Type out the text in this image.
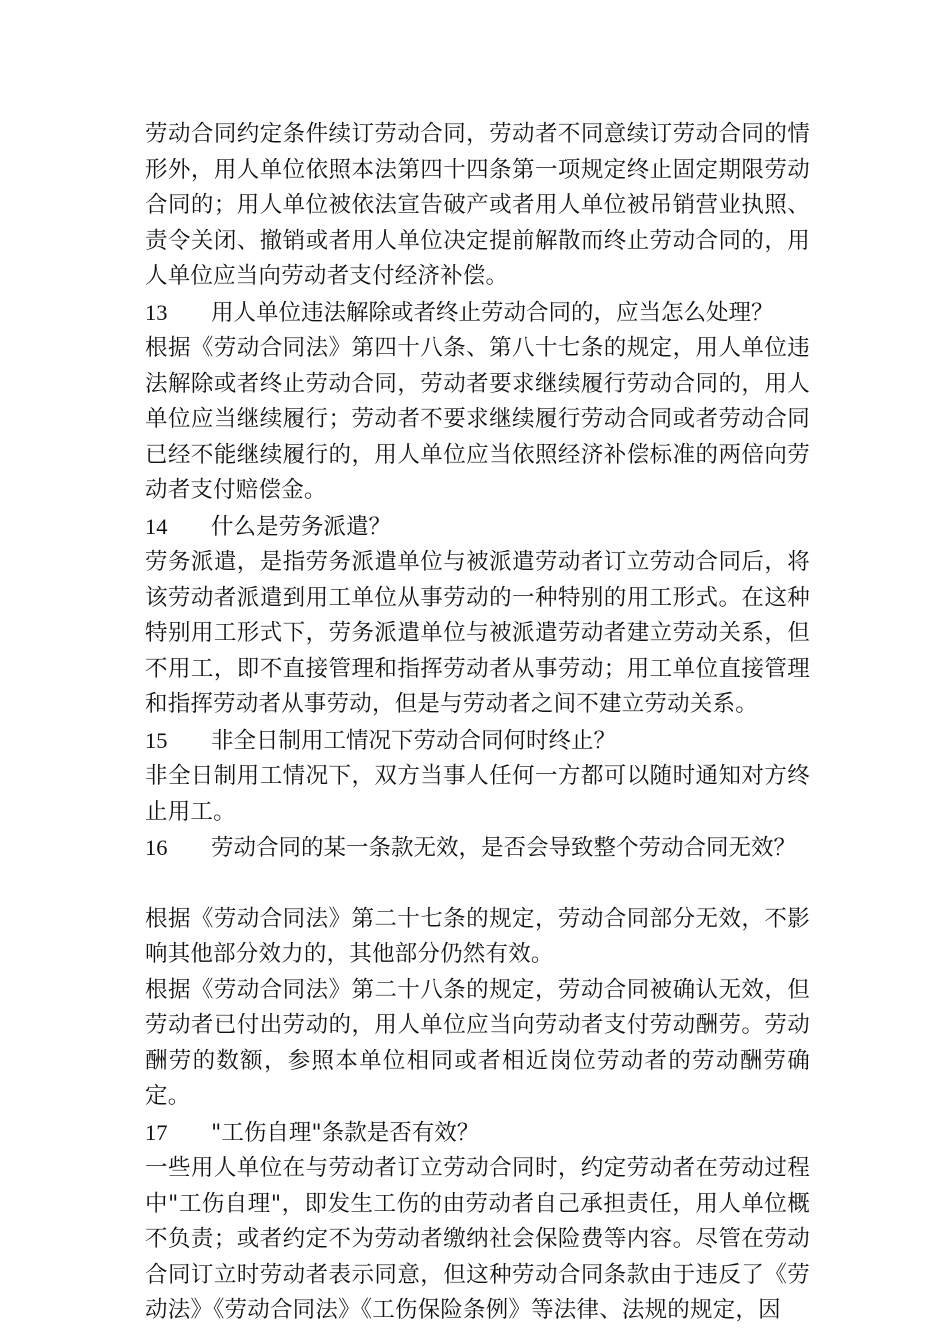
劳动合同约定条件续订劳动合同，劳动者不同意续订劳动合同的情形外，用人单位依照本法第四十四条第一项规定终止固定期限劳动合同的；用人单位被依法宣告破产或者用人单位被吊销营业执照、责令关闭、撤销或者用人单位决定提前解散而终止劳动合同的，用人单位应当向劳动者支付经济补偿。

13 用人单位违法解除或者终止劳动合同的，应当怎么处理？

根据《劳动合同法》第四十八条、第八十七条的规定，用人单位违法解除或者终止劳动合同，劳动者要求继续履行劳动合同的，用人单位应当继续履行；劳动者不要求继续履行劳动合同或者劳动合同已经不能继续履行的，用人单位应当依照经济补偿标准的两倍向劳动者支付赔偿金。

14 什么是劳务派遣？

劳务派遣，是指劳务派遣单位与被派遣劳动者订立劳动合同后，将该劳动者派遣到用工单位从事劳动的一种特别的用工形式。在这种特别用工形式下，劳务派遣单位与被派遣劳动者建立劳动关系，但不用工，即不直接管理和指挥劳动者从事劳动；用工单位直接管理和指挥劳动者从事劳动，但是与劳动者之间不建立劳动关系。

15 非全日制用工情况下劳动合同何时终止？

非全日制用工情况下，双方当事人任何一方都可以随时通知对方终止用工。

16 劳动合同的某一条款无效，是否会导致整个劳动合同无效？

根据《劳动合同法》第二十七条的规定，劳动合同部分无效，不影响其他部分效力的，其他部分仍然有效。

根据《劳动合同法》第二十八条的规定，劳动合同被确认无效，但劳动者已付出劳动的，用人单位应当向劳动者支付劳动酬劳。劳动酬劳的数额，参照本单位相同或者相近岗位劳动者的劳动酬劳确定。

17 "工伤自理"条款是否有效？

一些用人单位在与劳动者订立劳动合同时，约定劳动者在劳动过程中"工伤自理"，即发生工伤的由劳动者自己承担责任，用人单位概不负责；或者约定不为劳动者缴纳社会保险费等内容。尽管在劳动合同订立时劳动者表示同意，但这种劳动合同条款由于违反了《劳动法》《劳动合同法》《工伤保险条例》等法律、法规的规定，因
